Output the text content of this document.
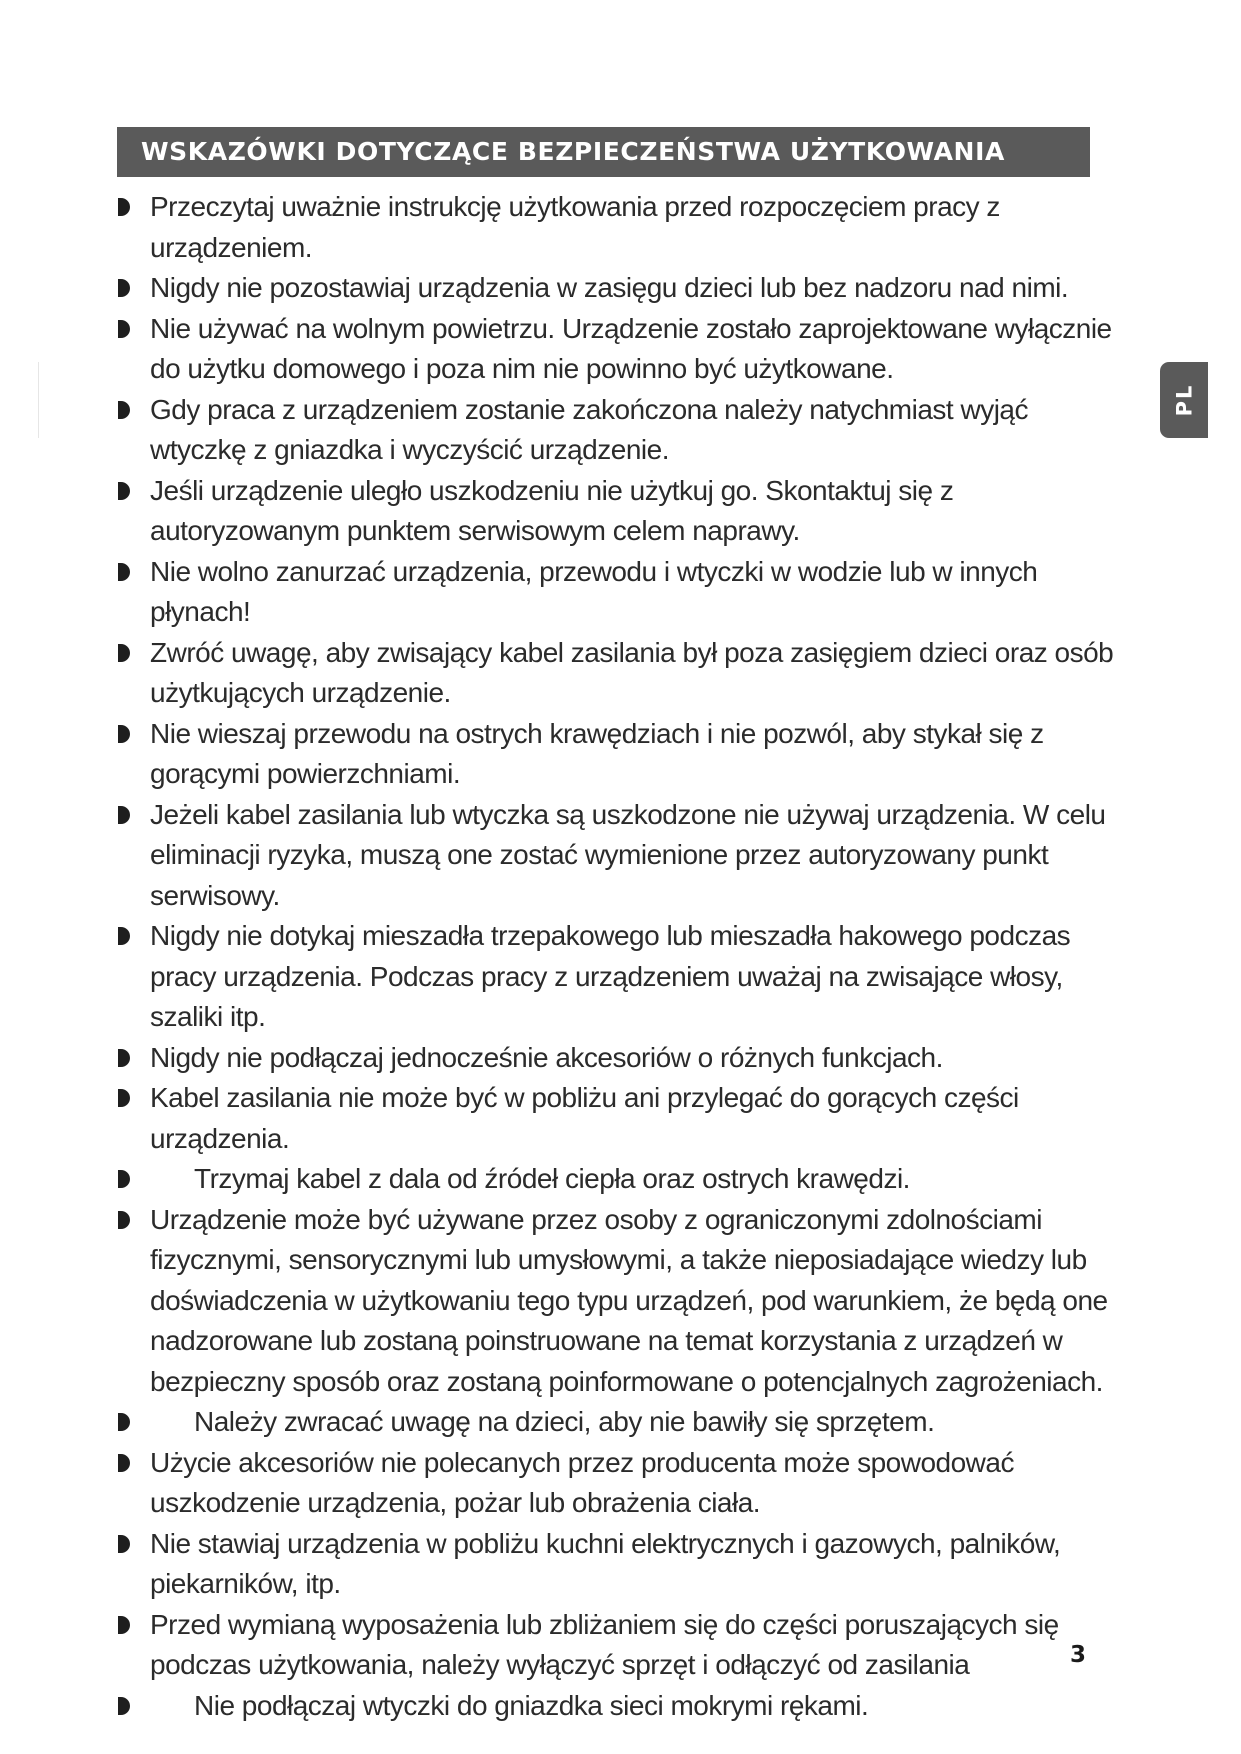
WSKAZÓWKI DOTYCZĄCE BEZPIECZEŃSTWA UŻYTKOWANIA
PL
Przeczytaj uważnie instrukcję użytkowania przed rozpoczęciem pracy z urządzeniem.
Nigdy nie pozostawiaj urządzenia w zasięgu dzieci lub bez nadzoru nad nimi.
Nie używać na wolnym powietrzu. Urządzenie zostało zaprojektowane wyłącznie do użytku domowego i poza nim nie powinno być użytkowane.
Gdy praca z urządzeniem zostanie zakończona należy natychmiast wyjąć wtyczkę z gniazdka i wyczyścić urządzenie.
Jeśli urządzenie uległo uszkodzeniu nie użytkuj go. Skontaktuj się z autoryzowanym punktem serwisowym celem naprawy.
Nie wolno zanurzać urządzenia, przewodu i wtyczki w wodzie lub w innych płynach!
Zwróć uwagę, aby zwisający kabel zasilania był poza zasięgiem dzieci oraz osób użytkujących urządzenie.
Nie wieszaj przewodu na ostrych krawędziach i nie pozwól, aby stykał się z gorącymi powierzchniami.
Jeżeli kabel zasilania lub wtyczka są uszkodzone nie używaj urządzenia. W celu eliminacji ryzyka, muszą one zostać wymienione przez autoryzowany punkt serwisowy.
Nigdy nie dotykaj mieszadła trzepakowego lub mieszadła hakowego podczas pracy urządzenia. Podczas pracy z urządzeniem uważaj na zwisające włosy, szaliki itp.
Nigdy nie podłączaj jednocześnie akcesoriów o różnych funkcjach.
Kabel zasilania nie może być w pobliżu ani przylegać do gorących części urządzenia.
Trzymaj kabel z dala od źródeł ciepła oraz ostrych krawędzi.
Urządzenie może być używane przez osoby z ograniczonymi zdolnościami fizycznymi, sensorycznymi lub umysłowymi, a także nieposiadające wiedzy lub doświadczenia w użytkowaniu tego typu urządzeń, pod warunkiem, że będą one nadzorowane lub zostaną poinstruowane na temat korzystania z urządzeń w bezpieczny sposób oraz zostaną poinformowane o potencjalnych zagrożeniach.
Należy zwracać uwagę na dzieci, aby nie bawiły się sprzętem.
Użycie akcesoriów nie polecanych przez producenta może spowodować uszkodzenie urządzenia, pożar lub obrażenia ciała.
Nie stawiaj urządzenia w pobliżu kuchni elektrycznych i gazowych, palników, piekarników, itp.
Przed wymianą wyposażenia lub zbliżaniem się do części poruszających się podczas użytkowania, należy wyłączyć sprzęt i odłączyć od zasilania
Nie podłączaj wtyczki do gniazdka sieci mokrymi rękami.
3
